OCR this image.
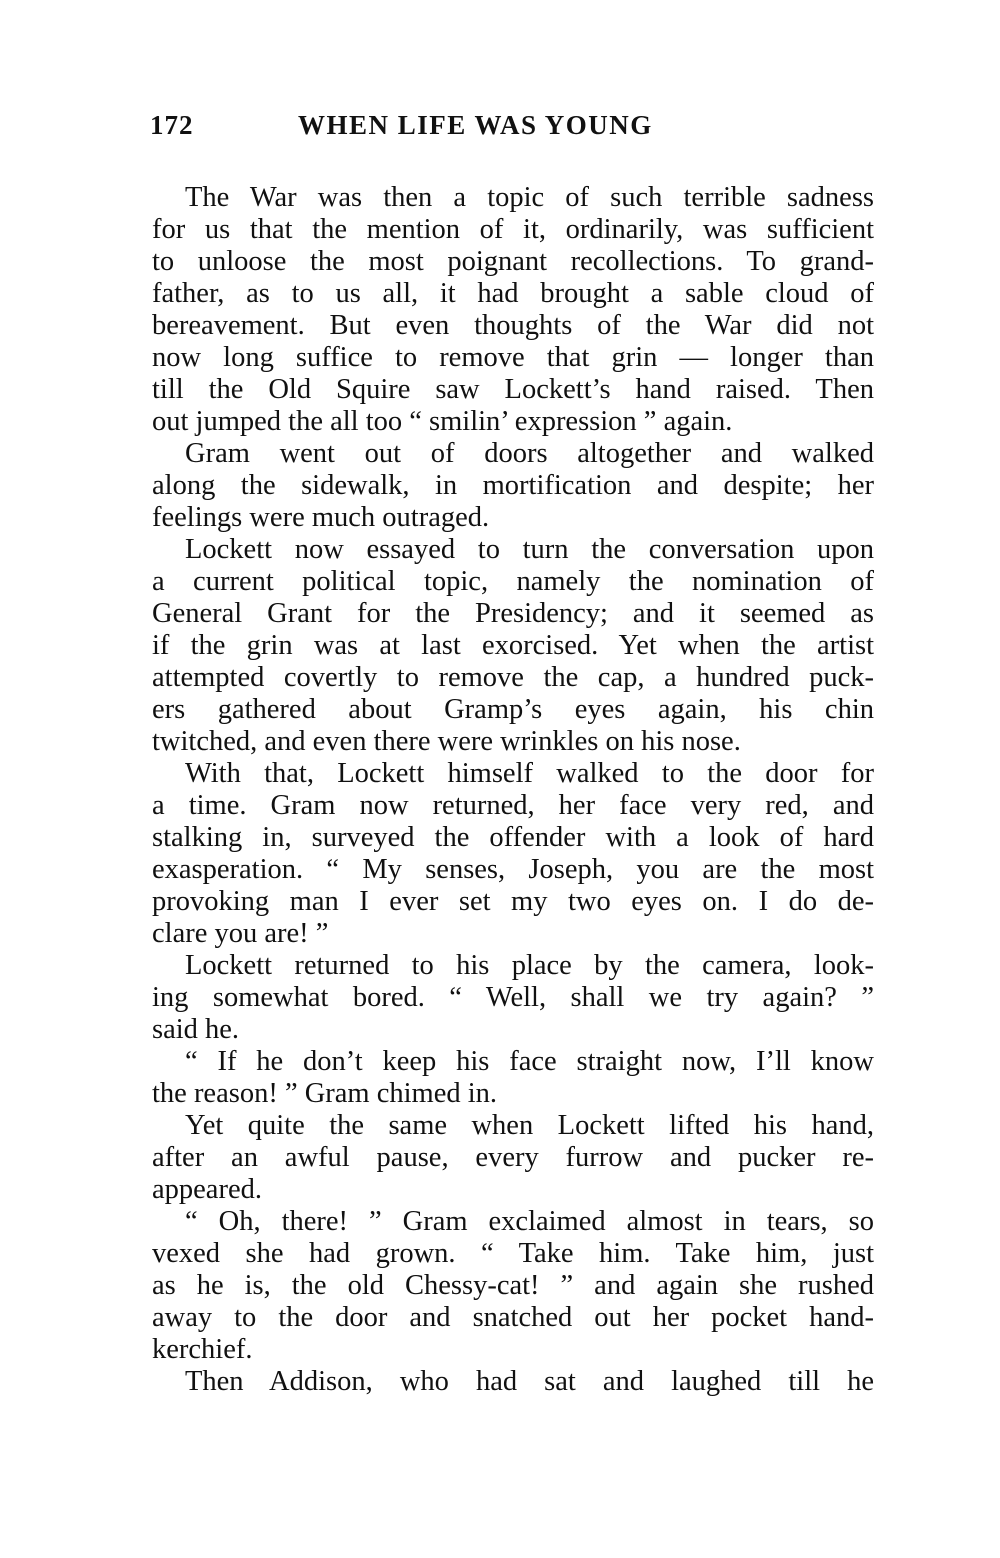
172	WHEN LIFE WAS YOUNG
The War was then a topic of such terrible sadness
for us that the mention of it, ordinarily, was sufficient
to unloose the most poignant recollections. To grand-
father, as to us all, it had brought a sable cloud of
bereavement. But even thoughts of the War did not
now long suffice to remove that grin — longer than
till the Old Squire saw Lockett’s hand raised. Then
out jumped the all too “ smilin’ expression ” again.
Gram went out of doors altogether and walked
along the sidewalk, in mortification and despite; her
feelings were much outraged.
Lockett now essayed to turn the conversation upon
a current political topic, namely the nomination of
General Grant for the Presidency; and it seemed as
if the grin was at last exorcised. Yet when the artist
attempted covertly to remove the cap, a hundred puck-
ers gathered about Gramp’s eyes again, his chin
twitched, and even there were wrinkles on his nose.
With that, Lockett himself walked to the door for
a time. Gram now returned, her face very red, and
stalking in, surveyed the offender with a look of hard
exasperation. “ My senses, Joseph, you are the most
provoking man I ever set my two eyes on. I do de-
clare you are! ”
Lockett returned to his place by the camera, look-
ing somewhat bored. “ Well, shall we try again? ”
said he.
“ If he don’t keep his face straight now, I’ll know
the reason! ” Gram chimed in.
Yet quite the same when Lockett lifted his hand,
after an awful pause, every furrow and pucker re-
appeared.
“ Oh, there! ” Gram exclaimed almost in tears, so
vexed she had grown. “ Take him. Take him, just
as he is, the old Chessy-cat! ” and again she rushed
away to the door and snatched out her pocket hand-
kerchief.
Then Addison, who had sat and laughed till he
